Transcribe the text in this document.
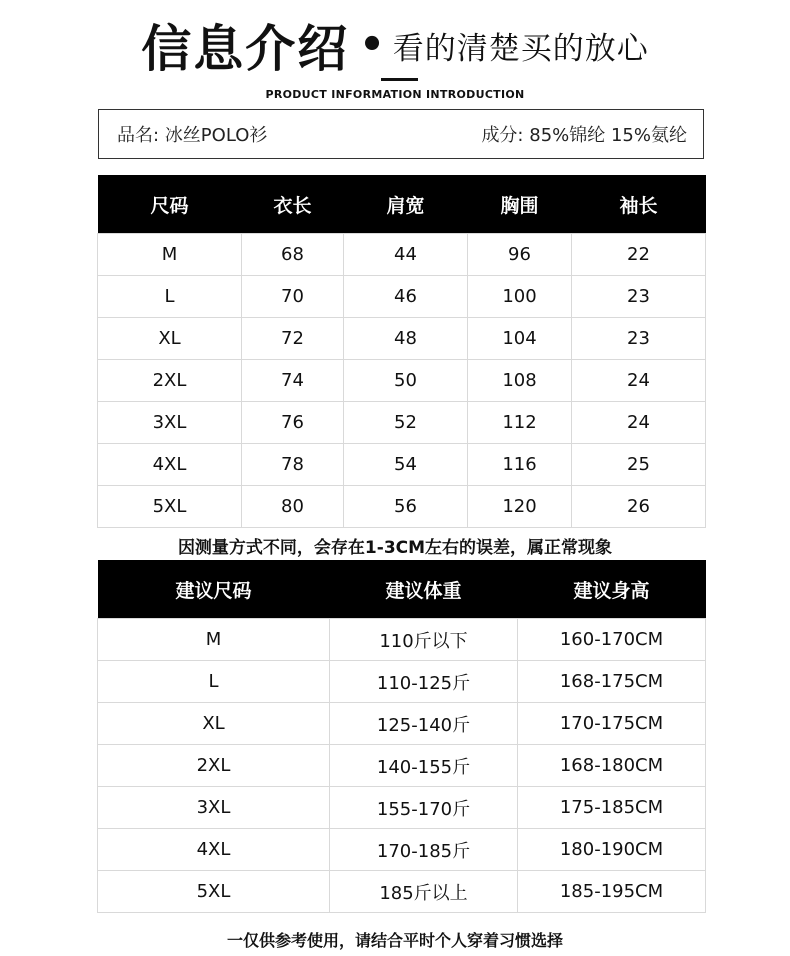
信息介绍 • 看的清楚买的放心
PRODUCT INFORMATION INTRODUCTION
品名: 冰丝POLO衫	成分: 85%锦纶 15%氨纶
尺码	衣长	肩宽	胸围	袖长
M	68	44	96	22
L	70	46	100	23
XL	72	48	104	23
2XL	74	50	108	24
3XL	76	52	112	24
4XL	78	54	116	25
5XL	80	56	120	26
因测量方式不同，会存在1-3CM左右的误差，属正常现象
建议尺码	建议体重	建议身高
M	110斤以下	160-170CM
L	110-125斤	168-175CM
XL	125-140斤	170-175CM
2XL	140-155斤	168-180CM
3XL	155-170斤	175-185CM
4XL	170-185斤	180-190CM
5XL	185斤以上	185-195CM
一仅供参考使用，请结合平时个人穿着习惯选择
